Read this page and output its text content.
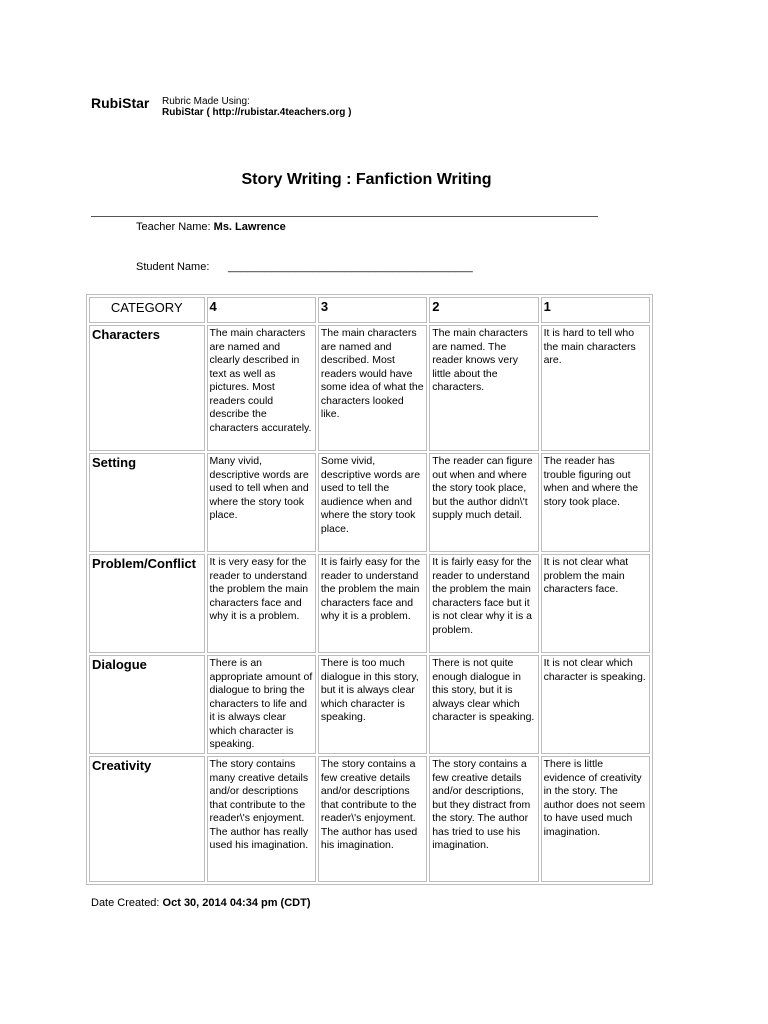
RubiStar Rubric Made Using:
RubiStar ( http://rubistar.4teachers.org )
Story Writing : Fanfiction Writing
Teacher Name: Ms. Lawrence
Student Name: ________________________________________
CATEGORY	4	3	2	1
Characters	The main characters are named and clearly described in text as well as pictures. Most readers could describe the characters accurately.	The main characters are named and described. Most readers would have some idea of what the characters looked like.	The main characters are named. The reader knows very little about the characters.	It is hard to tell who the main characters are.
Setting	Many vivid, descriptive words are used to tell when and where the story took place.	Some vivid, descriptive words are used to tell the audience when and where the story took place.	The reader can figure out when and where the story took place, but the author didn\'t supply much detail.	The reader has trouble figuring out when and where the story took place.
Problem/Conflict	It is very easy for the reader to understand the problem the main characters face and why it is a problem.	It is fairly easy for the reader to understand the problem the main characters face and why it is a problem.	It is fairly easy for the reader to understand the problem the main characters face but it is not clear why it is a problem.	It is not clear what problem the main characters face.
Dialogue	There is an appropriate amount of dialogue to bring the characters to life and it is always clear which character is speaking.	There is too much dialogue in this story, but it is always clear which character is speaking.	There is not quite enough dialogue in this story, but it is always clear which character is speaking.	It is not clear which character is speaking.
Creativity	The story contains many creative details and/or descriptions that contribute to the reader\'s enjoyment. The author has really used his imagination.	The story contains a few creative details and/or descriptions that contribute to the reader\'s enjoyment. The author has used his imagination.	The story contains a few creative details and/or descriptions, but they distract from the story. The author has tried to use his imagination.	There is little evidence of creativity in the story. The author does not seem to have used much imagination.
Date Created: Oct 30, 2014 04:34 pm (CDT)
